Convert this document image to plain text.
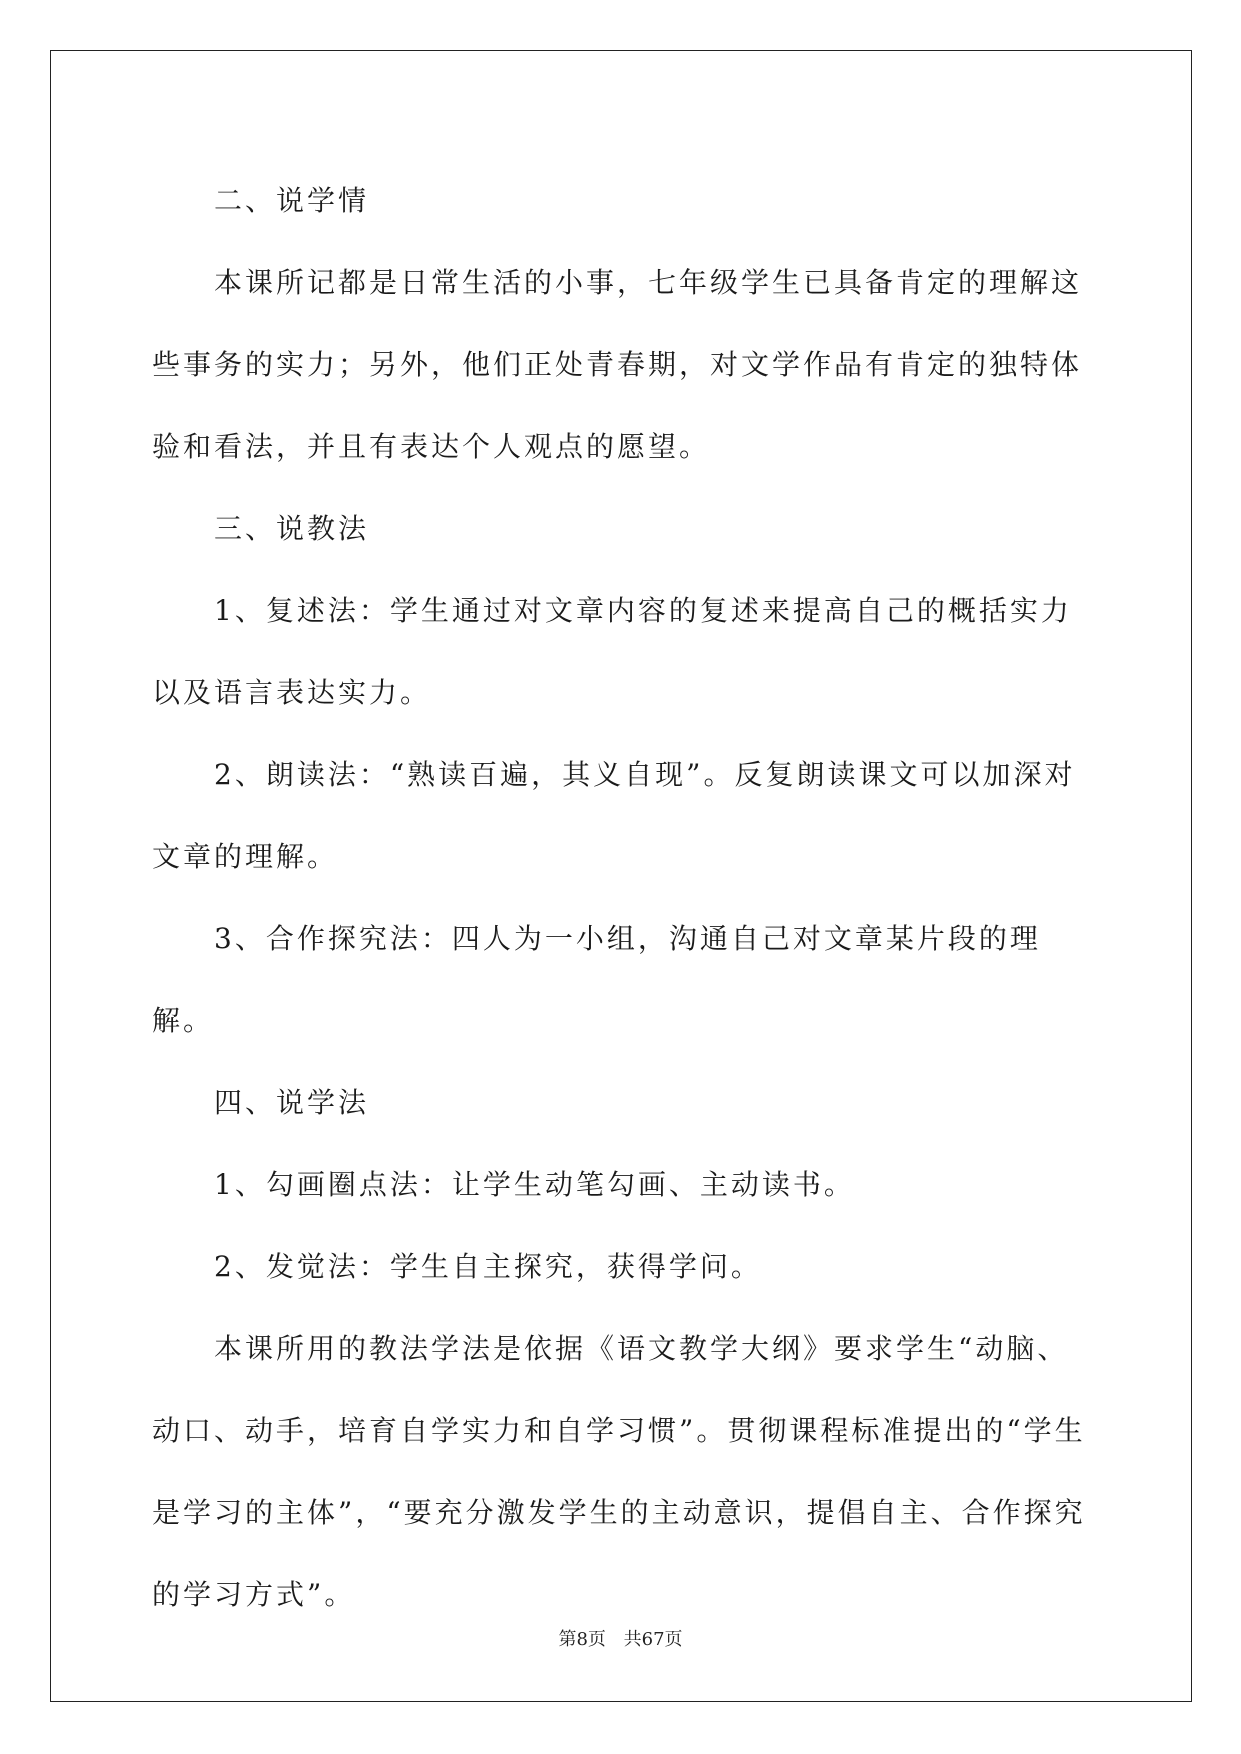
二、说学情

本课所记都是日常生活的小事，七年级学生已具备肯定的理解这些事务的实力；另外，他们正处青春期，对文学作品有肯定的独特体验和看法，并且有表达个人观点的愿望。

三、说教法

1、复述法：学生通过对文章内容的复述来提高自己的概括实力以及语言表达实力。

2、朗读法：“熟读百遍，其义自现”。反复朗读课文可以加深对文章的理解。

3、合作探究法：四人为一小组，沟通自己对文章某片段的理解。

四、说学法

1、勾画圈点法：让学生动笔勾画、主动读书。

2、发觉法：学生自主探究，获得学问。

本课所用的教法学法是依据《语文教学大纲》要求学生“动脑、动口、动手，培育自学实力和自学习惯”。贯彻课程标准提出的“学生是学习的主体”，“要充分激发学生的主动意识，提倡自主、合作探究的学习方式”。

第8页 共67页
